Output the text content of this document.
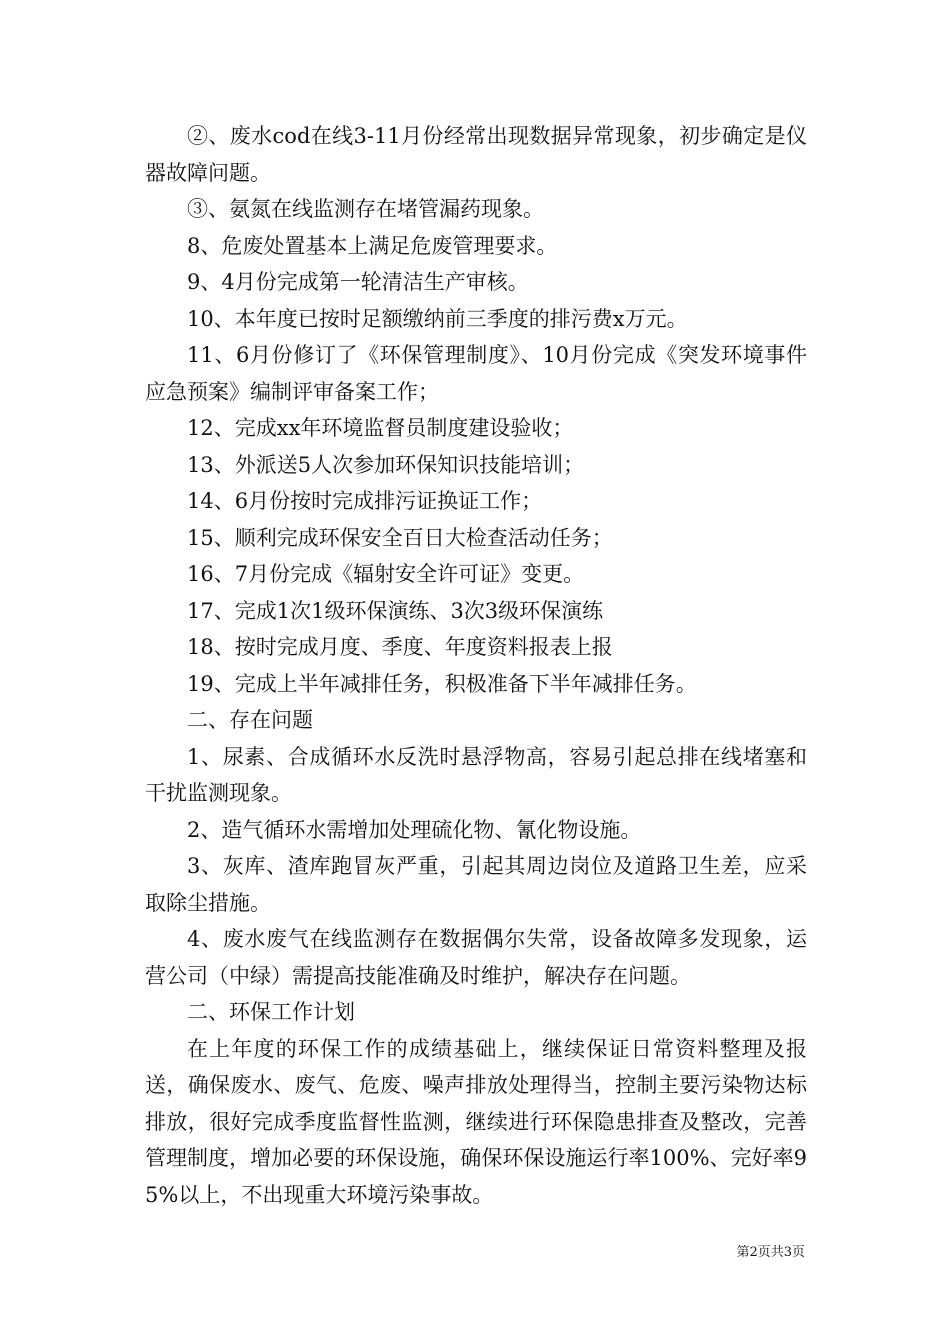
②、废水cod在线3-11月份经常出现数据异常现象，初步确定是仪器故障问题。

③、氨氮在线监测存在堵管漏药现象。

8、危废处置基本上满足危废管理要求。

9、4月份完成第一轮清洁生产审核。

10、本年度已按时足额缴纳前三季度的排污费x万元。

11、6月份修订了《环保管理制度》、10月份完成《突发环境事件应急预案》编制评审备案工作；

12、完成xx年环境监督员制度建设验收；

13、外派送5人次参加环保知识技能培训；

14、6月份按时完成排污证换证工作；

15、顺利完成环保安全百日大检查活动任务；

16、7月份完成《辐射安全许可证》变更。

17、完成1次1级环保演练、3次3级环保演练

18、按时完成月度、季度、年度资料报表上报

19、完成上半年减排任务，积极准备下半年减排任务。

二、存在问题

1、尿素、合成循环水反洗时悬浮物高，容易引起总排在线堵塞和干扰监测现象。

2、造气循环水需增加处理硫化物、氰化物设施。

3、灰库、渣库跑冒灰严重，引起其周边岗位及道路卫生差，应采取除尘措施。

4、废水废气在线监测存在数据偶尔失常，设备故障多发现象，运营公司（中绿）需提高技能准确及时维护，解决存在问题。

二、环保工作计划

在上年度的环保工作的成绩基础上，继续保证日常资料整理及报送，确保废水、废气、危废、噪声排放处理得当，控制主要污染物达标排放，很好完成季度监督性监测，继续进行环保隐患排查及整改，完善管理制度，增加必要的环保设施，确保环保设施运行率100%、完好率95%以上，不出现重大环境污染事故。

第2页共3页
